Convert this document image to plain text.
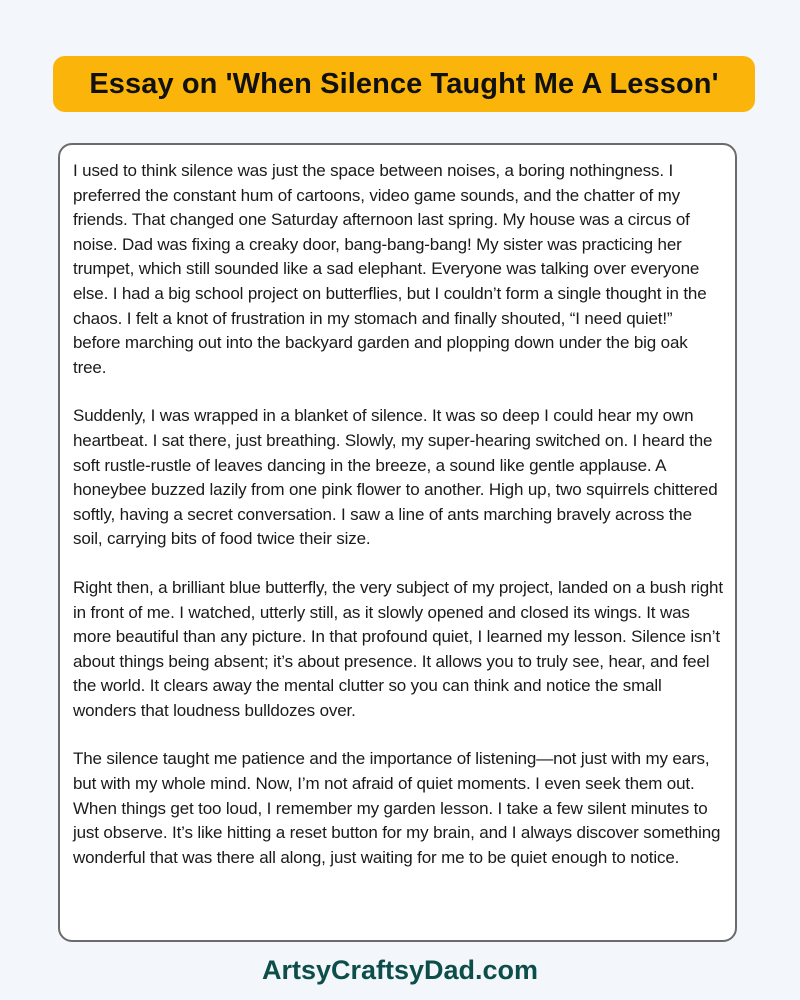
Essay on 'When Silence Taught Me A Lesson'

I used to think silence was just the space between noises, a boring nothingness. I preferred the constant hum of cartoons, video game sounds, and the chatter of my friends. That changed one Saturday afternoon last spring. My house was a circus of noise. Dad was fixing a creaky door, bang-bang-bang! My sister was practicing her trumpet, which still sounded like a sad elephant. Everyone was talking over everyone else. I had a big school project on butterflies, but I couldn’t form a single thought in the chaos. I felt a knot of frustration in my stomach and finally shouted, “I need quiet!” before marching out into the backyard garden and plopping down under the big oak tree.

Suddenly, I was wrapped in a blanket of silence. It was so deep I could hear my own heartbeat. I sat there, just breathing. Slowly, my super-hearing switched on. I heard the soft rustle-rustle of leaves dancing in the breeze, a sound like gentle applause. A honeybee buzzed lazily from one pink flower to another. High up, two squirrels chittered softly, having a secret conversation. I saw a line of ants marching bravely across the soil, carrying bits of food twice their size.

Right then, a brilliant blue butterfly, the very subject of my project, landed on a bush right in front of me. I watched, utterly still, as it slowly opened and closed its wings. It was more beautiful than any picture. In that profound quiet, I learned my lesson. Silence isn’t about things being absent; it’s about presence. It allows you to truly see, hear, and feel the world. It clears away the mental clutter so you can think and notice the small wonders that loudness bulldozes over.

The silence taught me patience and the importance of listening—not just with my ears, but with my whole mind. Now, I’m not afraid of quiet moments. I even seek them out. When things get too loud, I remember my garden lesson. I take a few silent minutes to just observe. It’s like hitting a reset button for my brain, and I always discover something wonderful that was there all along, just waiting for me to be quiet enough to notice.

ArtsyCraftsyDad.com
